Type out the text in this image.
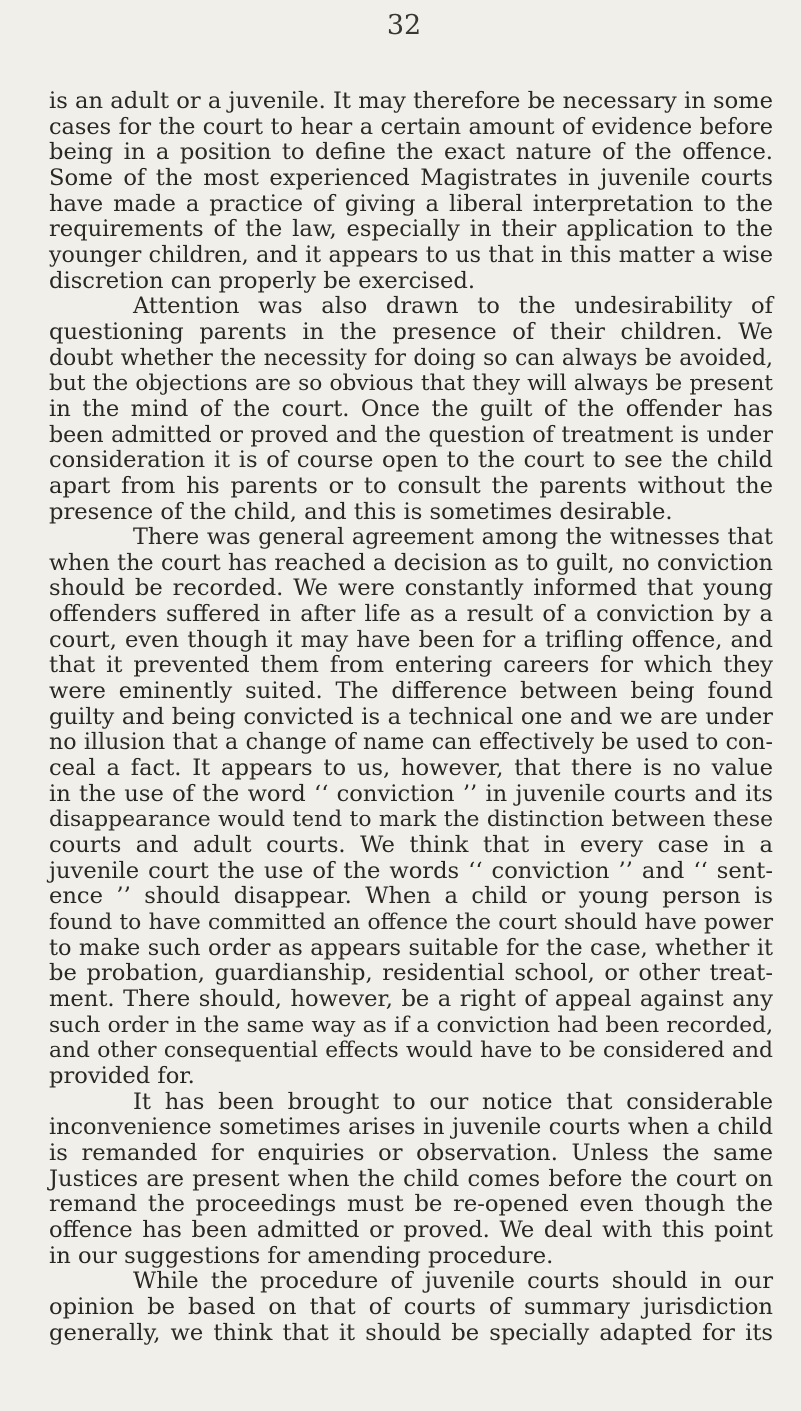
32
is an adult or a juvenile. It may therefore be necessary in some
cases for the court to hear a certain amount of evidence before
being in a position to define the exact nature of the offence.
Some of the most experienced Magistrates in juvenile courts
have made a practice of giving a liberal interpretation to the
requirements of the law, especially in their application to the
younger children, and it appears to us that in this matter a wise
discretion can properly be exercised.
Attention was also drawn to the undesirability of
questioning parents in the presence of their children. We
doubt whether the necessity for doing so can always be avoided,
but the objections are so obvious that they will always be present
in the mind of the court. Once the guilt of the offender has
been admitted or proved and the question of treatment is under
consideration it is of course open to the court to see the child
apart from his parents or to consult the parents without the
presence of the child, and this is sometimes desirable.
There was general agreement among the witnesses that
when the court has reached a decision as to guilt, no conviction
should be recorded. We were constantly informed that young
offenders suffered in after life as a result of a conviction by a
court, even though it may have been for a trifling offence, and
that it prevented them from entering careers for which they
were eminently suited. The difference between being found
guilty and being convicted is a technical one and we are under
no illusion that a change of name can effectively be used to con-
ceal a fact. It appears to us, however, that there is no value
in the use of the word ‘‘ conviction ’’ in juvenile courts and its
disappearance would tend to mark the distinction between these
courts and adult courts. We think that in every case in a
juvenile court the use of the words ‘‘ conviction ’’ and ‘‘ sent-
ence ’’ should disappear. When a child or young person is
found to have committed an offence the court should have power
to make such order as appears suitable for the case, whether it
be probation, guardianship, residential school, or other treat-
ment. There should, however, be a right of appeal against any
such order in the same way as if a conviction had been recorded,
and other consequential effects would have to be considered and
provided for.
It has been brought to our notice that considerable
inconvenience sometimes arises in juvenile courts when a child
is remanded for enquiries or observation. Unless the same
Justices are present when the child comes before the court on
remand the proceedings must be re-opened even though the
offence has been admitted or proved. We deal with this point
in our suggestions for amending procedure.
While the procedure of juvenile courts should in our
opinion be based on that of courts of summary jurisdiction
generally, we think that it should be specially adapted for its
